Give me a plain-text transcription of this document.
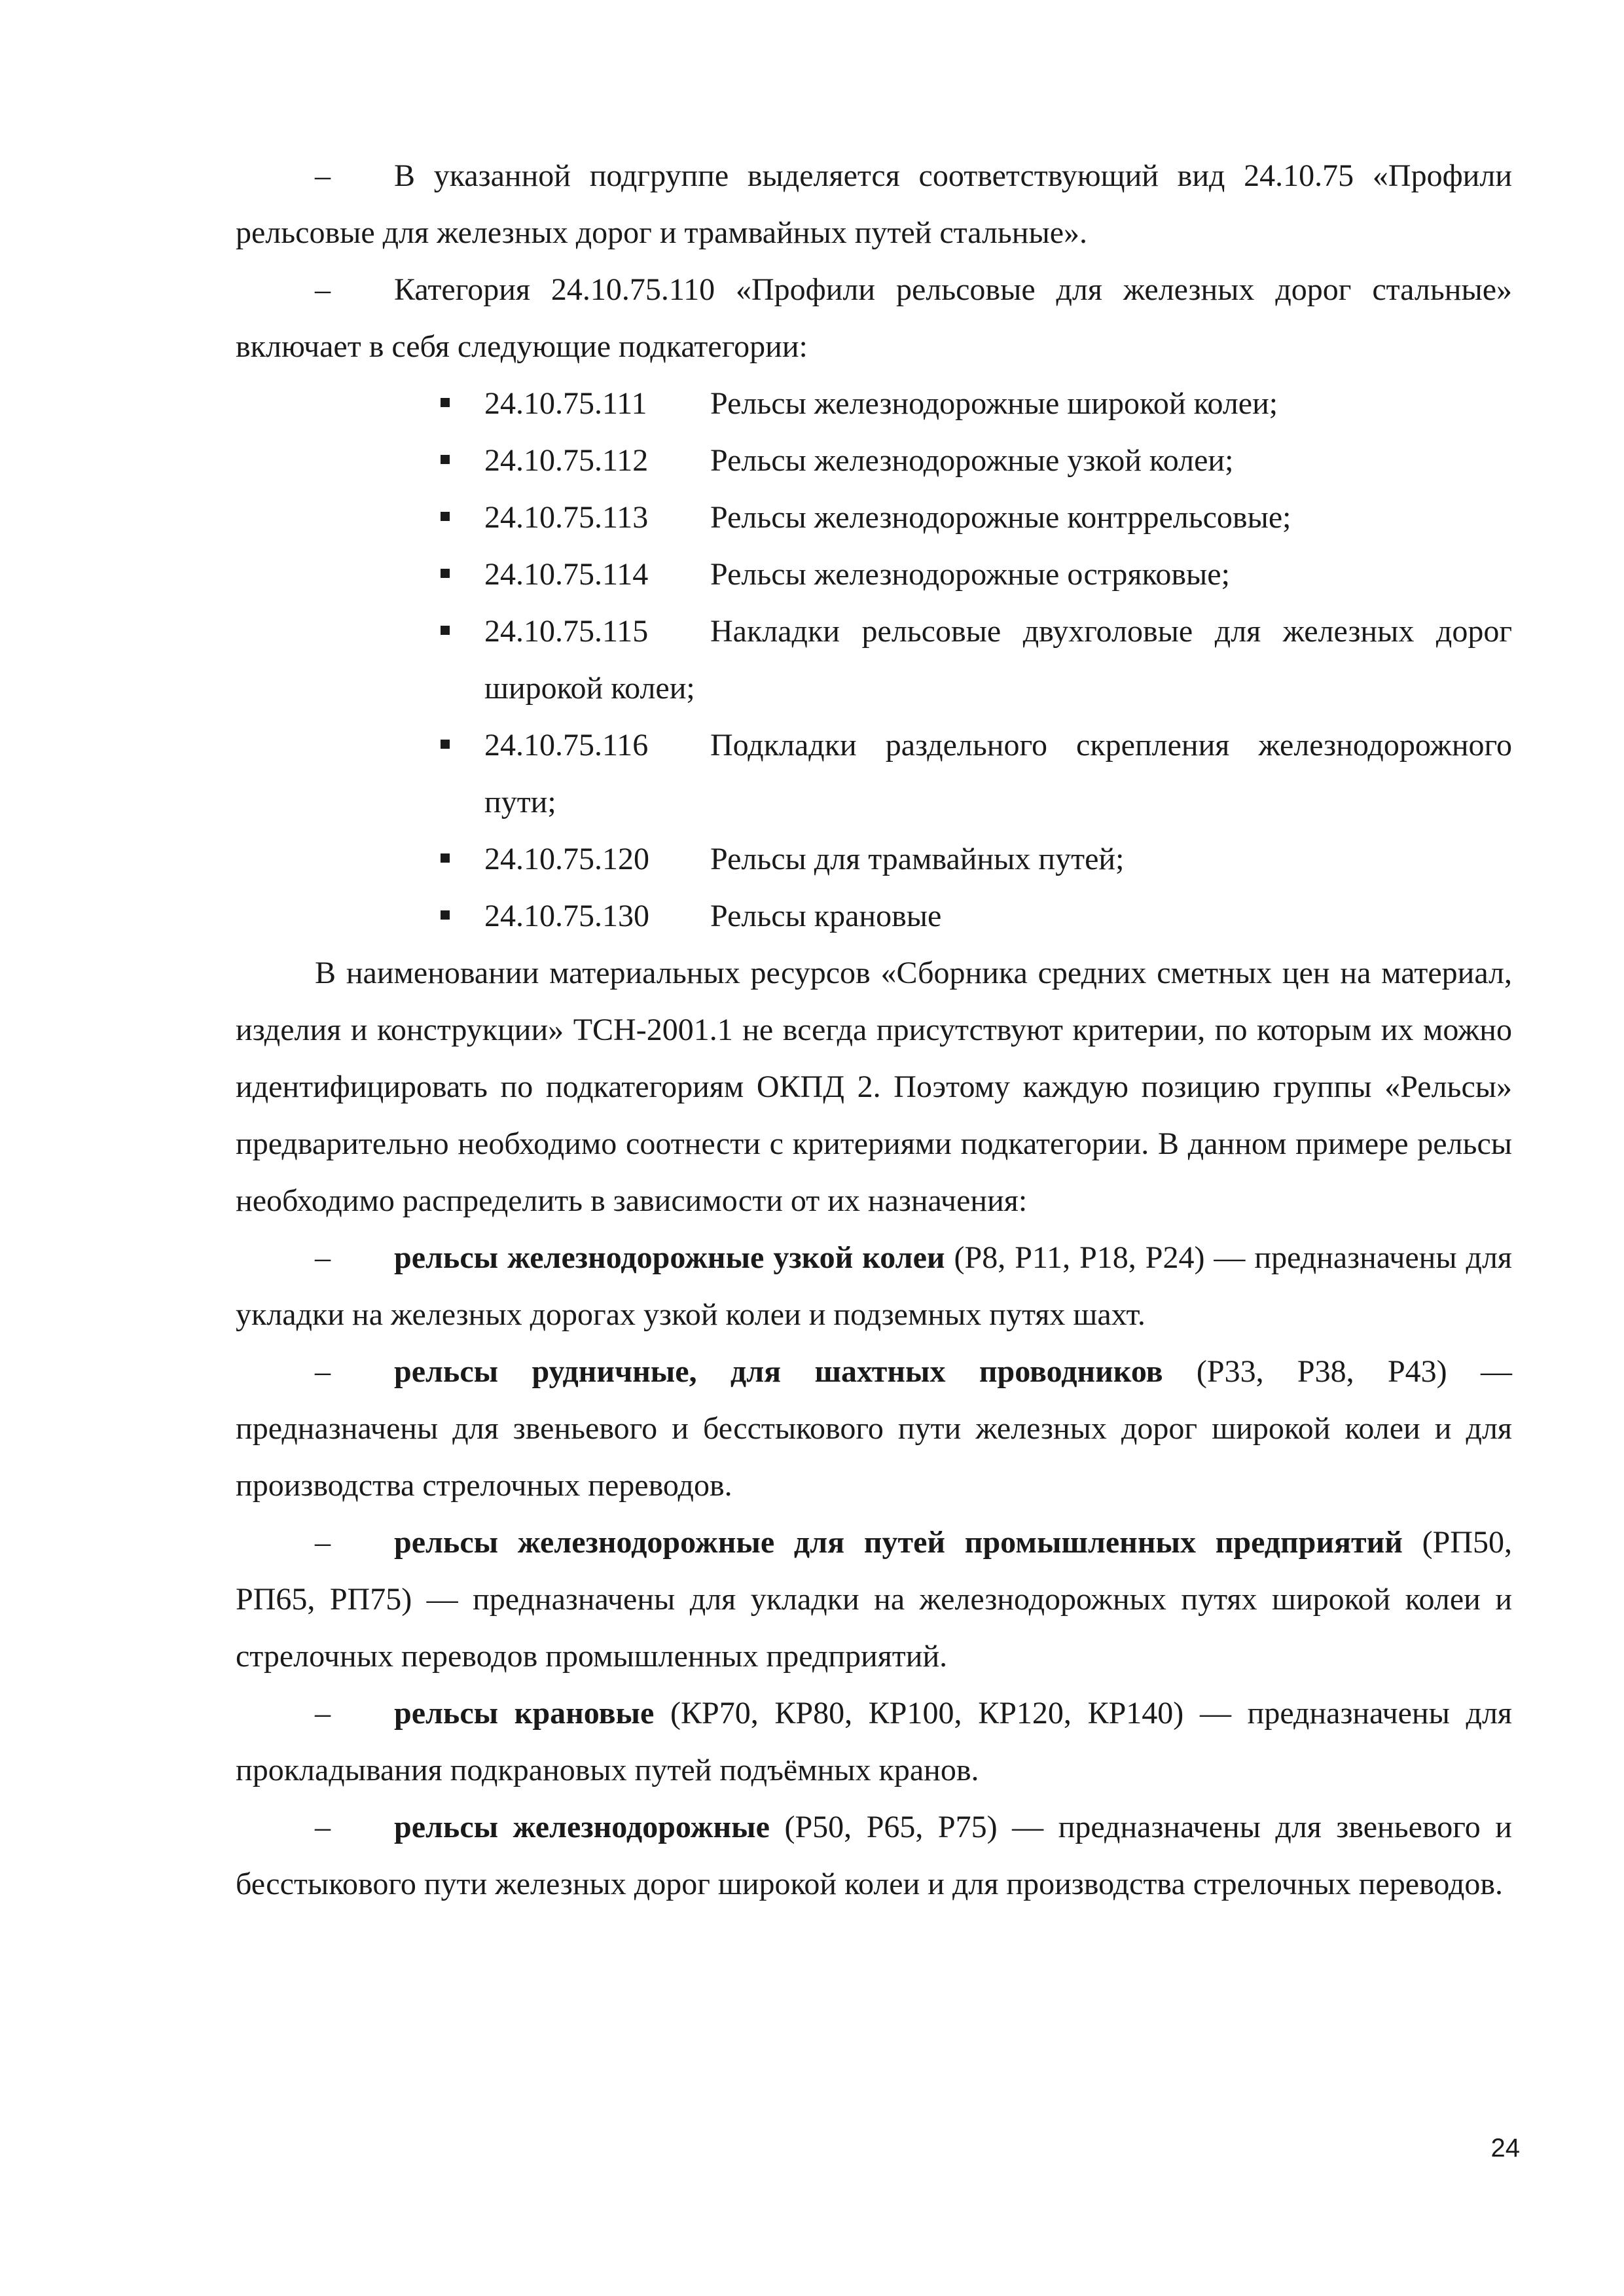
– В указанной подгруппе выделяется соответствующий вид 24.10.75 «Профили рельсовые для железных дорог и трамвайных путей стальные».

– Категория 24.10.75.110 «Профили рельсовые для железных дорог стальные» включает в себя следующие подкатегории:

24.10.75.111	Рельсы железнодорожные широкой колеи;
24.10.75.112	Рельсы железнодорожные узкой колеи;
24.10.75.113	Рельсы железнодорожные контррельсовые;
24.10.75.114	Рельсы железнодорожные остряковые;
24.10.75.115	Накладки рельсовые двухголовые для железных дорог
широкой колеи;
24.10.75.116	Подкладки раздельного скрепления железнодорожного
пути;
24.10.75.120	Рельсы для трамвайных путей;
24.10.75.130	Рельсы крановые

В наименовании материальных ресурсов «Сборника средних сметных цен на материал, изделия и конструкции» ТСН-2001.1 не всегда присутствуют критерии, по которым их можно идентифицировать по подкатегориям ОКПД 2. Поэтому каждую позицию группы «Рельсы» предварительно необходимо соотнести с критериями подкатегории. В данном примере рельсы необходимо распределить в зависимости от их назначения:

– рельсы железнодорожные узкой колеи (Р8, Р11, Р18, Р24) — предназначены для укладки на железных дорогах узкой колеи и подземных путях шахт.

– рельсы рудничные, для шахтных проводников (Р33, Р38, Р43) — предназначены для звеньевого и бесстыкового пути железных дорог широкой колеи и для производства стрелочных переводов.

– рельсы железнодорожные для путей промышленных предприятий (РП50, РП65, РП75) — предназначены для укладки на железнодорожных путях широкой колеи и стрелочных переводов промышленных предприятий.

– рельсы крановые (КР70, КР80, КР100, КР120, КР140) — предназначены для прокладывания подкрановых путей подъёмных кранов.

– рельсы железнодорожные (Р50, Р65, Р75) — предназначены для звеньевого и бесстыкового пути железных дорог широкой колеи и для производства стрелочных переводов.

24
